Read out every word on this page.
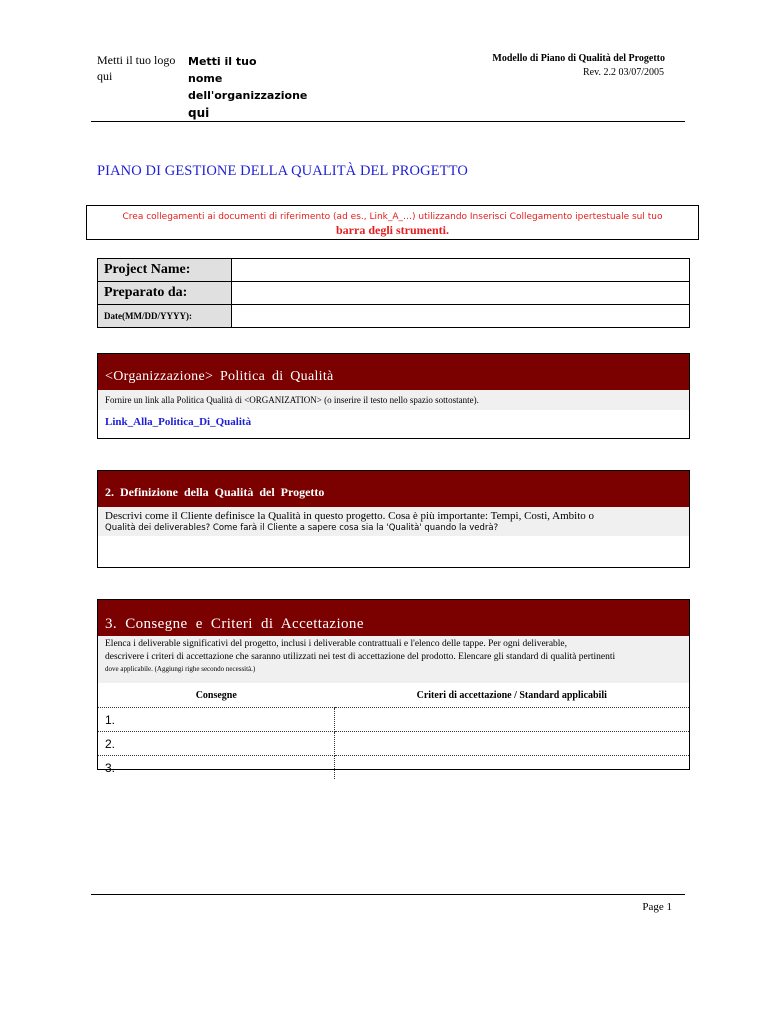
Metti il tuo logo qui
Metti il tuo
nome dell'organizzazione
qui
Modello di Piano di Qualità del Progetto
Rev. 2.2 03/07/2005
PIANO DI GESTIONE DELLA QUALITÀ DEL PROGETTO
Crea collegamenti ai documenti di riferimento (ad es., Link_A_…) utilizzando Inserisci Collegamento ipertestuale sul tuo
barra degli strumenti.
Project Name:	
Preparato da:	
Date(MM/DD/YYYY):	
<Organizzazione> Politica di Qualità
Fornire un link alla Politica Qualità di <ORGANIZATION> (o inserire il testo nello spazio sottostante).
Link_Alla_Politica_Di_Qualità
2. Definizione della Qualità del Progetto
Descrivi come il Cliente definisce la Qualità in questo progetto. Cosa è più importante: Tempi, Costi, Ambito o
Qualità dei deliverables? Come farà il Cliente a sapere cosa sia la 'Qualità' quando la vedrà?
3. Consegne e Criteri di Accettazione
Elenca i deliverable significativi del progetto, inclusi i deliverable contrattuali e l'elenco delle tappe. Per ogni deliverable,
descrivere i criteri di accettazione che saranno utilizzati nei test di accettazione del prodotto. Elencare gli standard di qualità pertinenti
dove applicabile. (Aggiungi righe secondo necessità.)
Consegne	Criteri di accettazione / Standard applicabili
1.	
2.	
3.	
Page 1
